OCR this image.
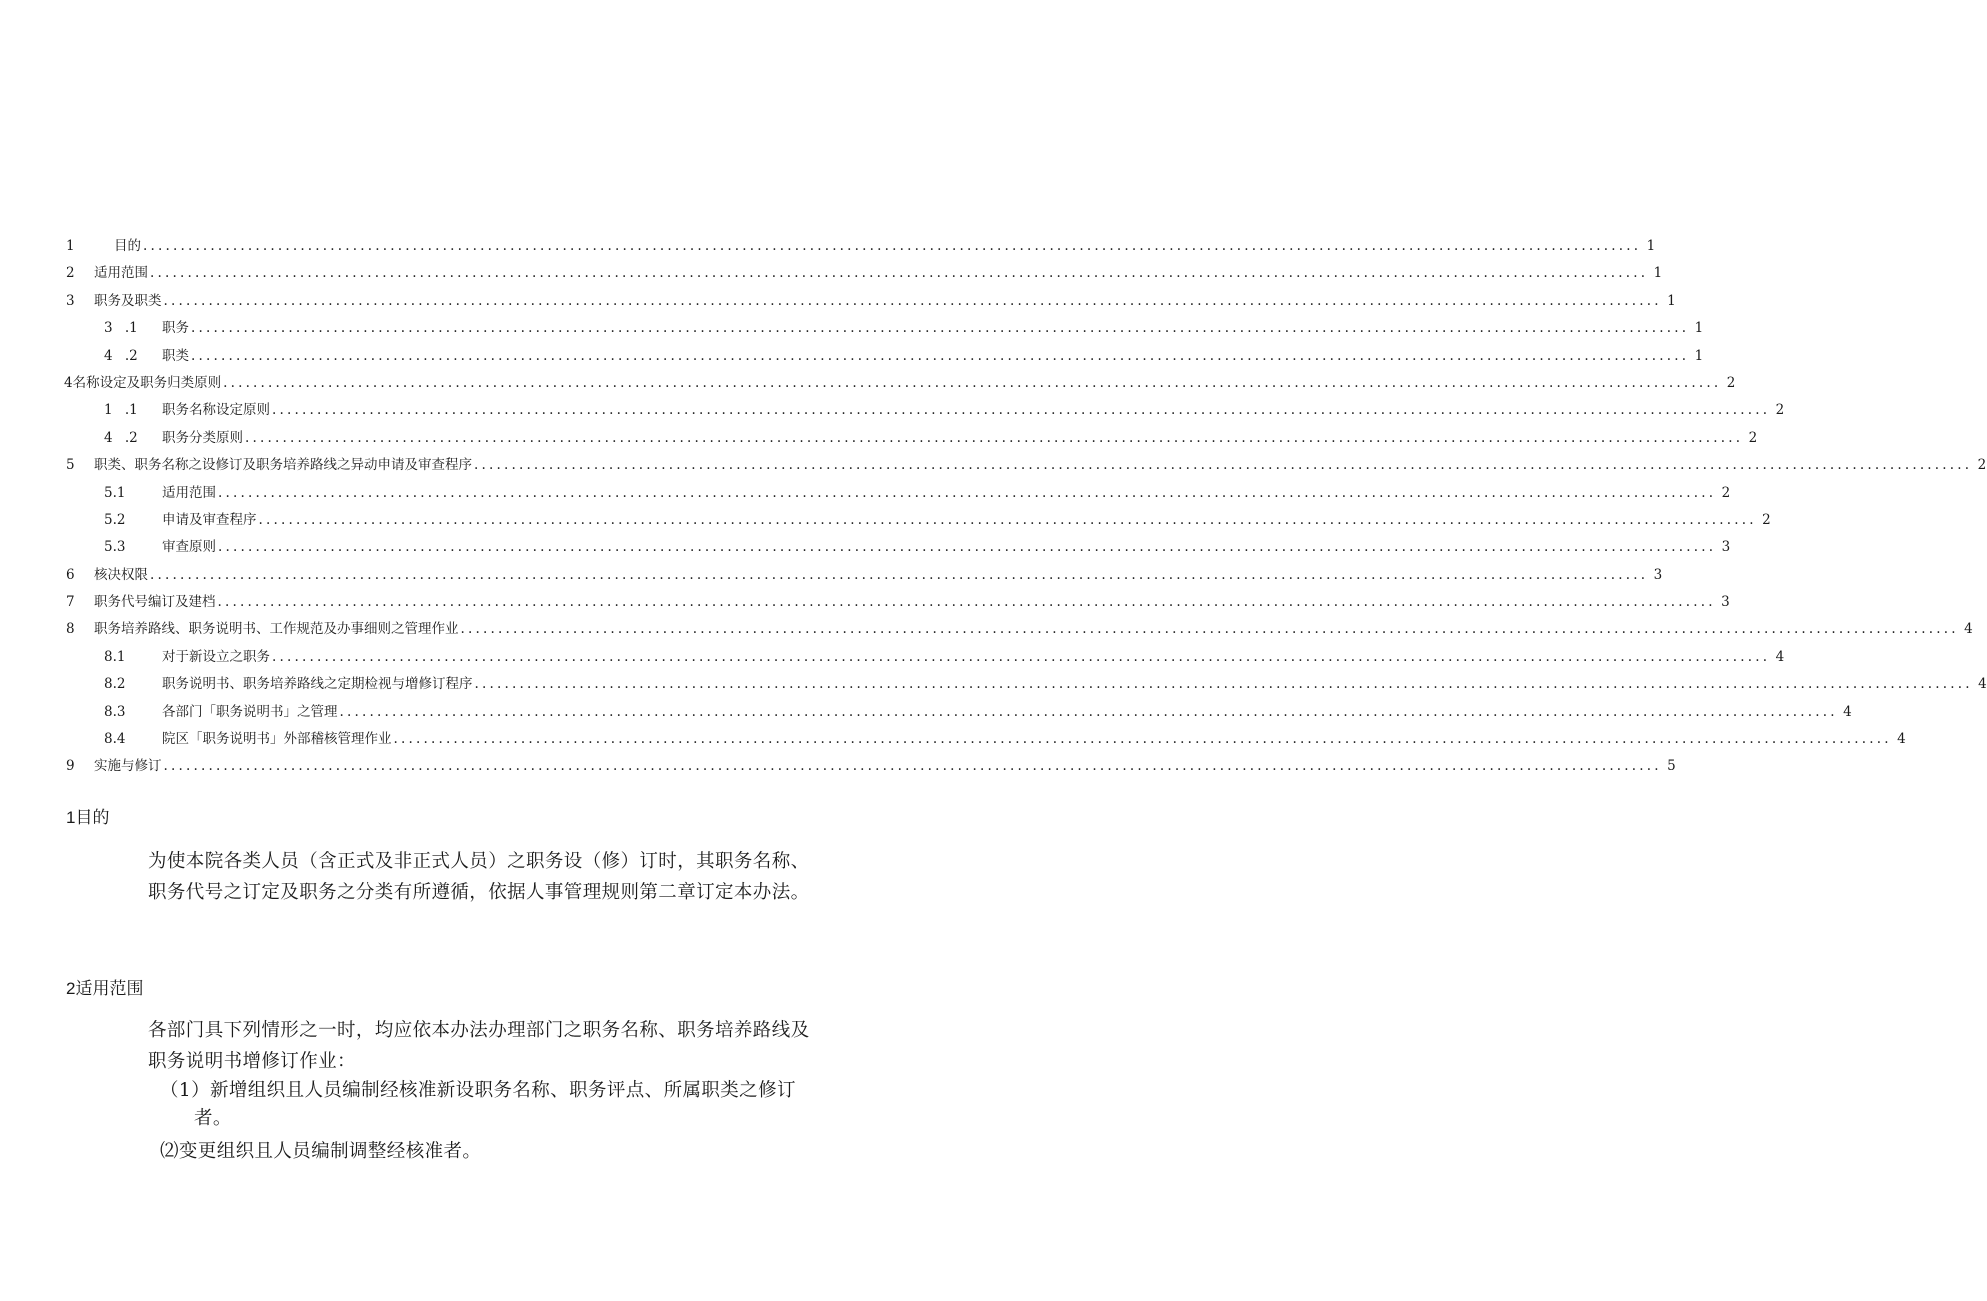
1	目的 ........................................................................................................................................................................................................ 1
2	适用范围 ........................................................................................................................................................................................................ 1
3	职务及职类 ........................................................................................................................................................................................................ 1
3 .1	职务 ........................................................................................................................................................................................................ 1
4 .2	职类 ........................................................................................................................................................................................................ 1
4 名称设定及职务归类原则 ........................................................................................................................................................................................................ 2
1 .1	职务名称设定原则 ........................................................................................................................................................................................................ 2
4 .2	职务分类原则 ........................................................................................................................................................................................................ 2
5	职类、职务名称之设修订及职务培养路线之异动申请及审查程序 ........................................................................................................................................................................................................ 2
5.1	适用范围 ........................................................................................................................................................................................................ 2
5.2	申请及审查程序 ........................................................................................................................................................................................................ 2
5.3	审查原则 ........................................................................................................................................................................................................ 3
6	核决权限 ........................................................................................................................................................................................................ 3
7	职务代号编订及建档 ........................................................................................................................................................................................................ 3
8	职务培养路线、职务说明书、工作规范及办事细则之管理作业 ........................................................................................................................................................................................................ 4
8.1	对于新设立之职务 ........................................................................................................................................................................................................ 4
8.2	职务说明书、职务培养路线之定期检视与增修订程序 ........................................................................................................................................................................................................ 4
8.3	各部门「职务说明书」之管理 ........................................................................................................................................................................................................ 4
8.4	院区「职务说明书」外部稽核管理作业 ........................................................................................................................................................................................................ 4
9	实施与修订 ........................................................................................................................................................................................................ 5
1目的

为使本院各类人员（含正式及非正式人员）之职务设（修）订时，其职务名称、
职务代号之订定及职务之分类有所遵循，依据人事管理规则第二章订定本办法。

2适用范围

各部门具下列情形之一时，均应依本办法办理部门之职务名称、职务培养路线及
职务说明书增修订作业：

（1）新增组织且人员编制经核准新设职务名称、职务评点、所属职类之修订
者。

⑵变更组织且人员编制调整经核准者。
